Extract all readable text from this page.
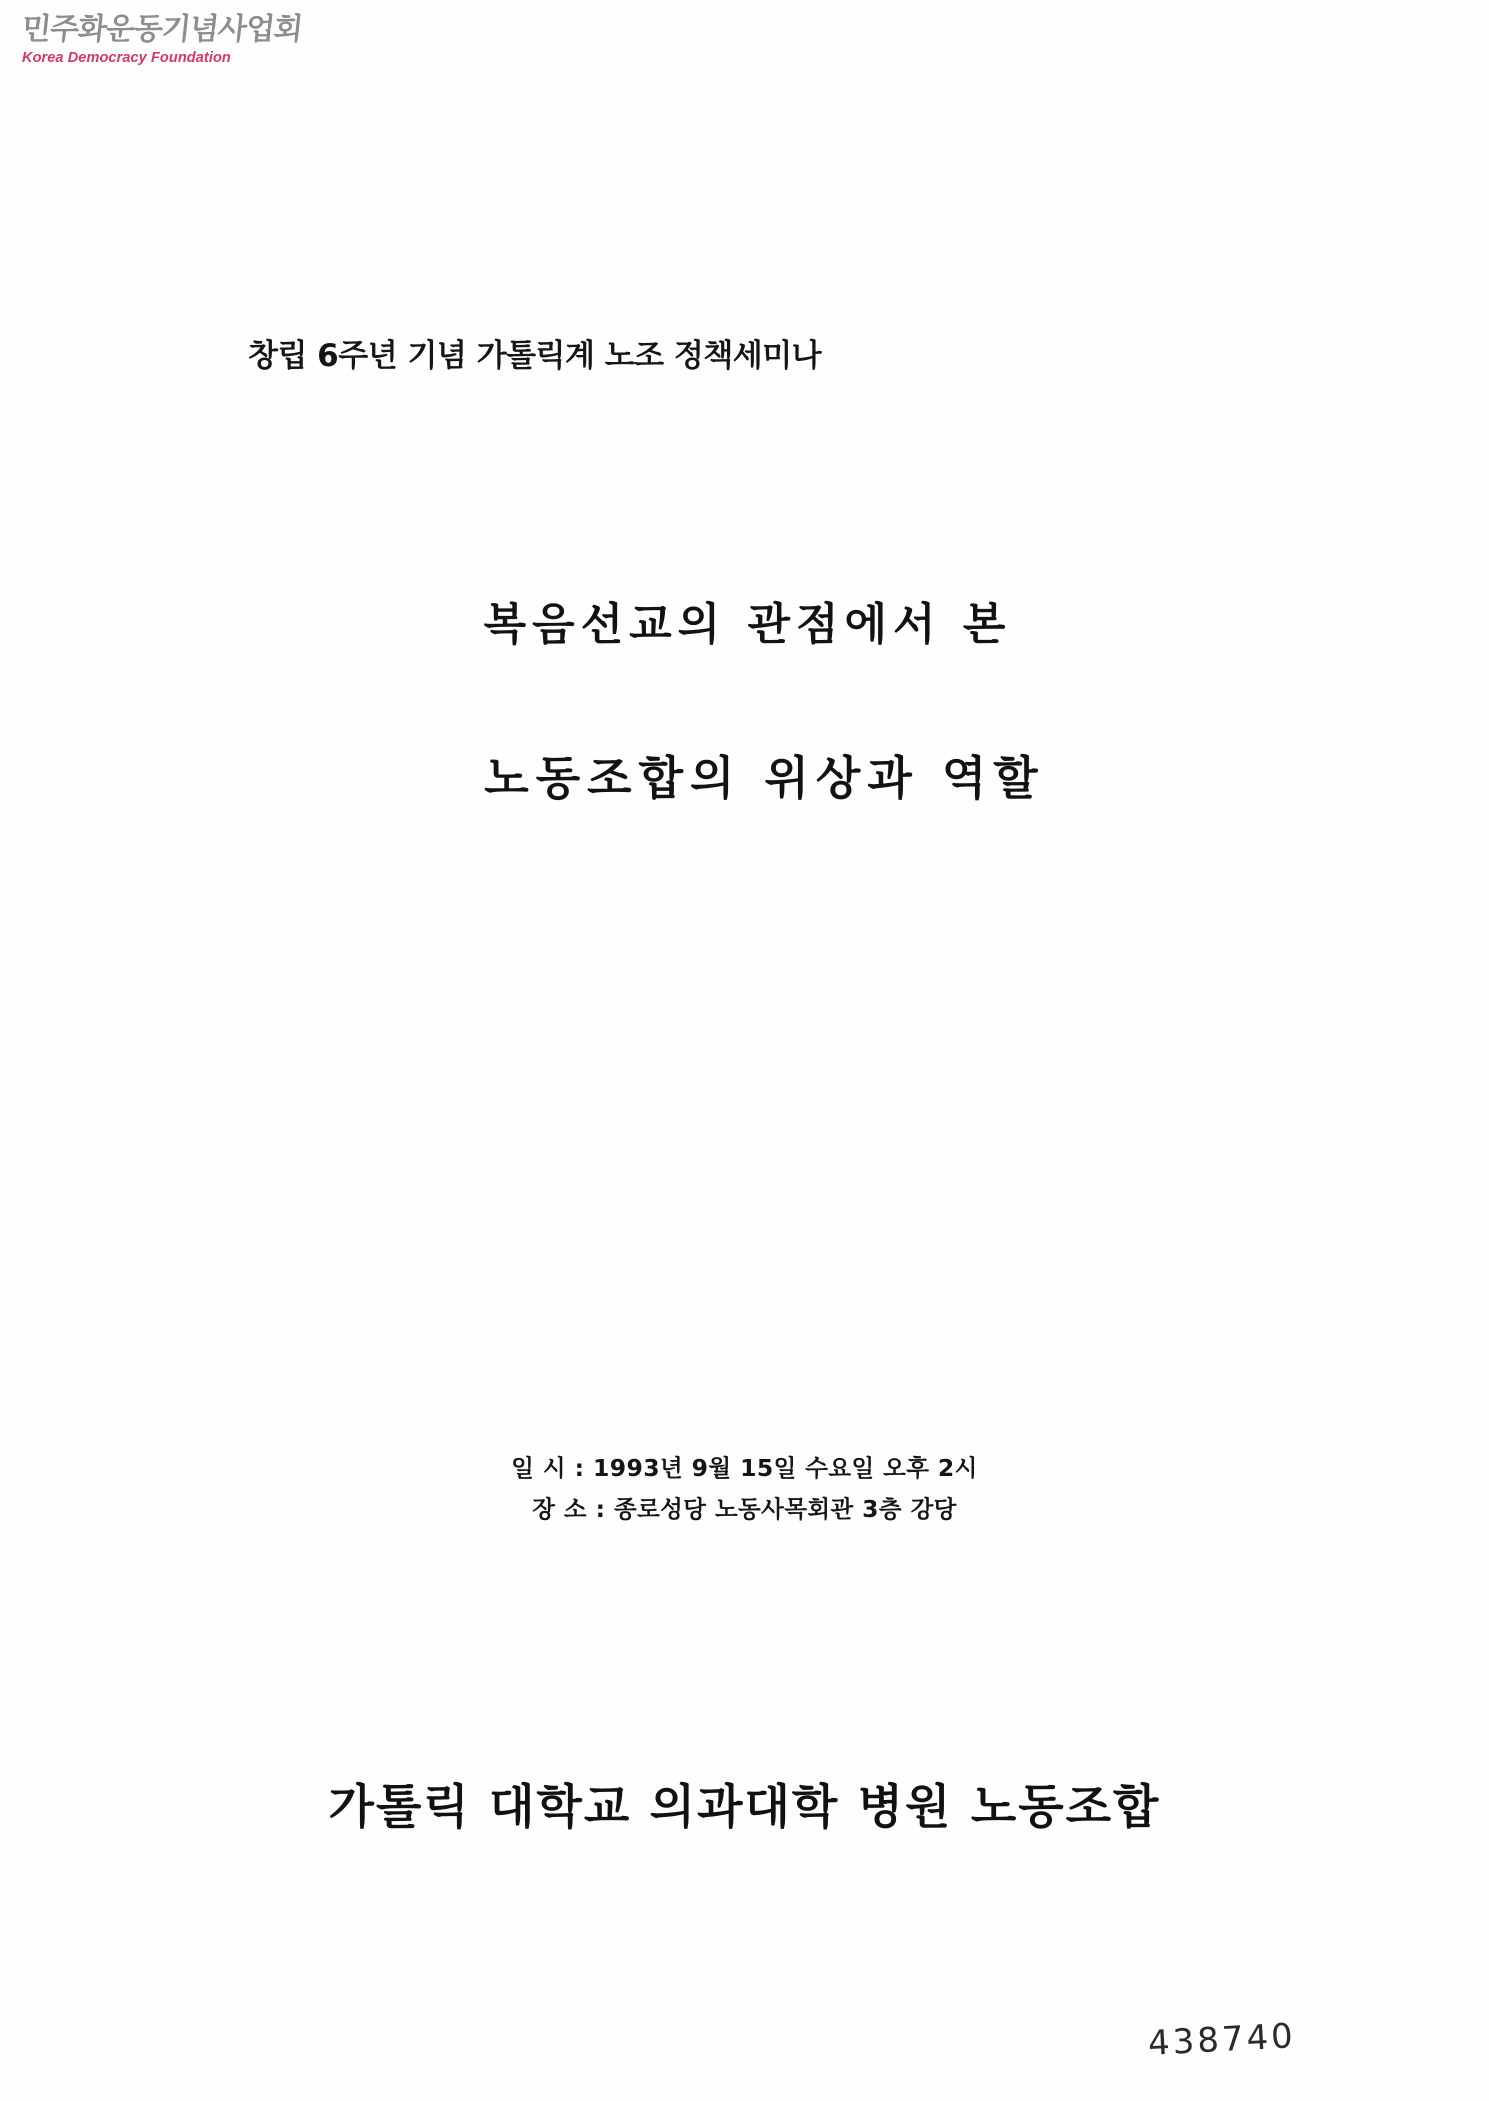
민주화운동기념사업회
Korea Democracy Foundation
창립 6주년 기념 가톨릭계 노조 정책세미나
복음선교의 관점에서 본
노동조합의 위상과 역할
일 시 : 1993년 9월 15일 수요일 오후 2시
장 소 : 종로성당 노동사목회관 3층 강당
가톨릭 대학교 의과대학 병원 노동조합
438740
